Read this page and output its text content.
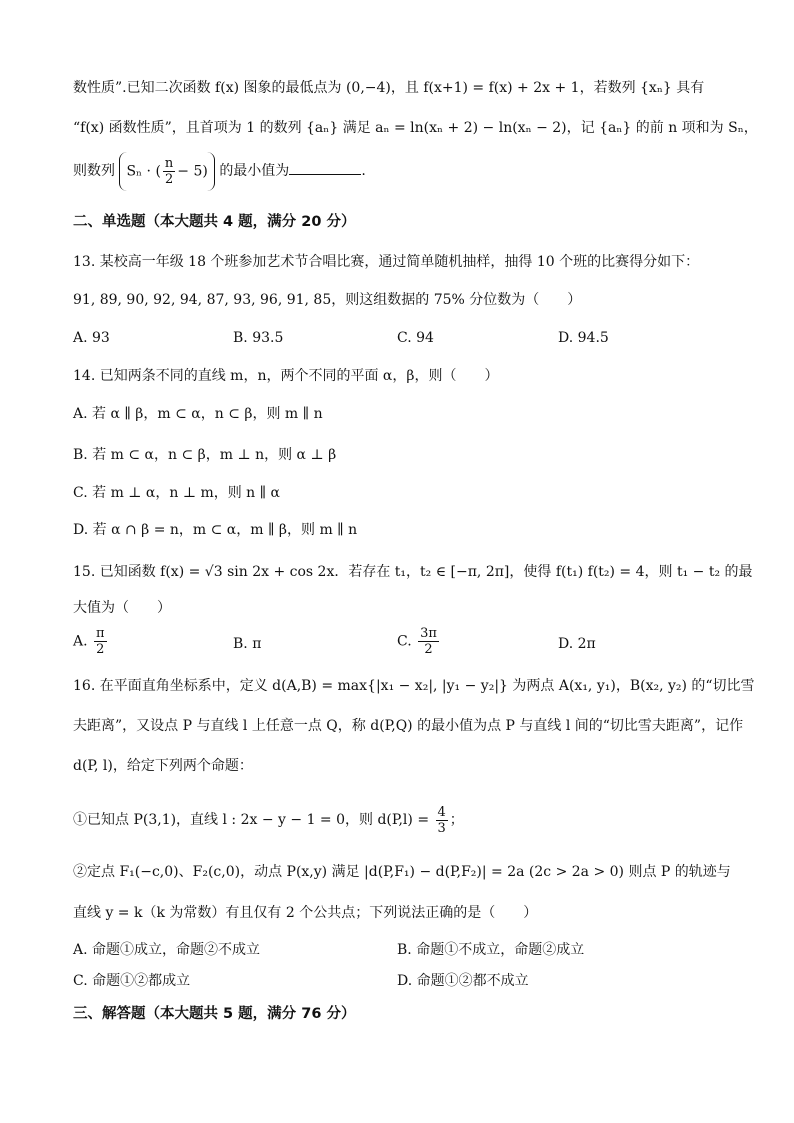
数性质”.已知二次函数 f(x) 图象的最低点为 (0,−4)，且 f(x+1) = f(x) + 2x + 1，若数列 {xₙ} 具有
“f(x) 函数性质”，且首项为 1 的数列 {aₙ} 满足 aₙ = ln(xₙ + 2) − ln(xₙ − 2)，记 {aₙ} 的前 n 项和为 Sₙ，
则数列 Sₙ · ( $\frac{n}{2} - 5$) 的最小值为	.
二、单选题（本大题共 4 题，满分 20 分）
13. 某校高一年级 18 个班参加艺术节合唱比赛，通过简单随机抽样，抽得 10 个班的比赛得分如下：
91, 89, 90, 92, 94, 87, 93, 96, 91, 85，则这组数据的 75% 分位数为（　　）
A. 93	B. 93.5	C. 94	D. 94.5
14. 已知两条不同的直线 m，n，两个不同的平面 α，β，则（　　）
A. 若 α ∥ β，m ⊂ α，n ⊂ β，则 m ∥ n
B. 若 m ⊂ α，n ⊂ β，m ⊥ n，则 α ⊥ β
C. 若 m ⊥ α，n ⊥ m，则 n ∥ α
D. 若 α ∩ β = n，m ⊂ α，m ∥ β，则 m ∥ n
15. 已知函数 f(x) = √3 sin 2x + cos 2x．若存在 t₁，t₂ ∈ [−π, 2π]，使得 f(t₁) f(t₂) = 4，则 t₁ − t₂ 的最
大值为（　　）
A. $\frac{\pi}{2}$	B. π	C. $\frac{3\pi}{2}$	D. 2π
16. 在平面直角坐标系中，定义 d(A,B) = max{|x₁ − x₂|, |y₁ − y₂|} 为两点 A(x₁, y₁)，B(x₂, y₂) 的“切比雪
夫距离”，又设点 P 与直线 l 上任意一点 Q，称 d(P,Q) 的最小值为点 P 与直线 l 间的“切比雪夫距离”，记作
d(P, l)，给定下列两个命题：
①已知点 P(3,1)，直线 l : 2x − y − 1 = 0，则 $d(P,l) = \frac{4}{3}$ ；
②定点 F₁(−c,0)、F₂(c,0)，动点 P(x,y) 满足 |d(P,F₁) − d(P,F₂)| = 2a (2c > 2a > 0) 则点 P 的轨迹与
直线 y = k（k 为常数）有且仅有 2 个公共点；下列说法正确的是（　　）
A. 命题①成立，命题②不成立	B. 命题①不成立，命题②成立
C. 命题①②都成立	D. 命题①②都不成立
三、解答题（本大题共 5 题，满分 76 分）
